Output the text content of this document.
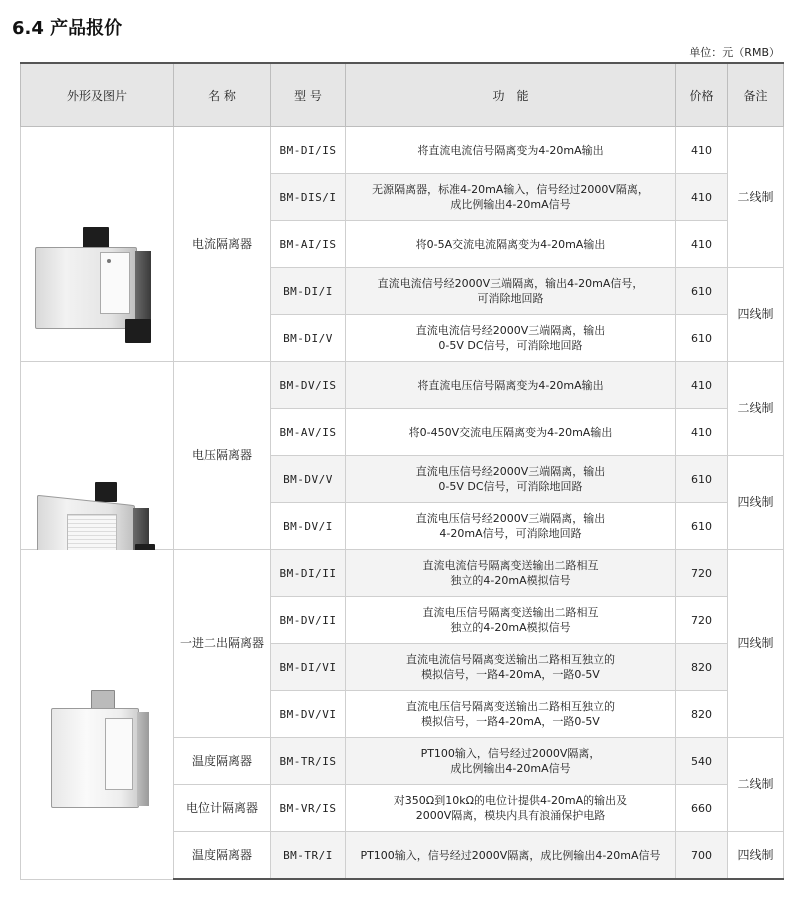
6.4 产品报价
单位：元（RMB）
外形及图片	名 称	型 号	功　能	价格	备注

	电流隔离器	BM-DI/IS	将直流电流信号隔离变为4-20mA输出	410	二线制
		BM-DIS/I	无源隔离器，标准4-20mA输入，信号经过2000V隔离，
成比例输出4-20mA信号	410	
		BM-AI/IS	将0-5A交流电流隔离变为4-20mA输出	410	
		BM-DI/I	直流电流信号经2000V三端隔离，输出4-20mA信号，
可消除地回路	610	四线制
		BM-DI/V	直流电流信号经2000V三端隔离，输出
0-5V DC信号，可消除地回路	610	

	电压隔离器	BM-DV/IS	将直流电压信号隔离变为4-20mA输出	410	二线制
		BM-AV/IS	将0-450V交流电压隔离变为4-20mA输出	410	
		BM-DV/V	直流电压信号经2000V三端隔离，输出
0-5V DC信号，可消除地回路	610	四线制
		BM-DV/I	直流电压信号经2000V三端隔离，输出
4-20mA信号，可消除地回路	610	

	一进二出隔离器	BM-DI/II	直流电流信号隔离变送输出二路相互
独立的4-20mA模拟信号	720	四线制
		BM-DV/II	直流电压信号隔离变送输出二路相互
独立的4-20mA模拟信号	720	
		BM-DI/VI	直流电流信号隔离变送输出二路相互独立的
模拟信号，一路4-20mA，一路0-5V	820	
		BM-DV/VI	直流电压信号隔离变送输出二路相互独立的
模拟信号，一路4-20mA，一路0-5V	820	
	温度隔离器	BM-TR/IS	PT100输入，信号经过2000V隔离，
成比例输出4-20mA信号	540	二线制
	电位计隔离器	BM-VR/IS	对350Ω到10kΩ的电位计提供4-20mA的输出及
2000V隔离，模块内具有浪涌保护电路	660	
	温度隔离器	BM-TR/I	PT100输入，信号经过2000V隔离，成比例输出4-20mA信号	700	四线制
